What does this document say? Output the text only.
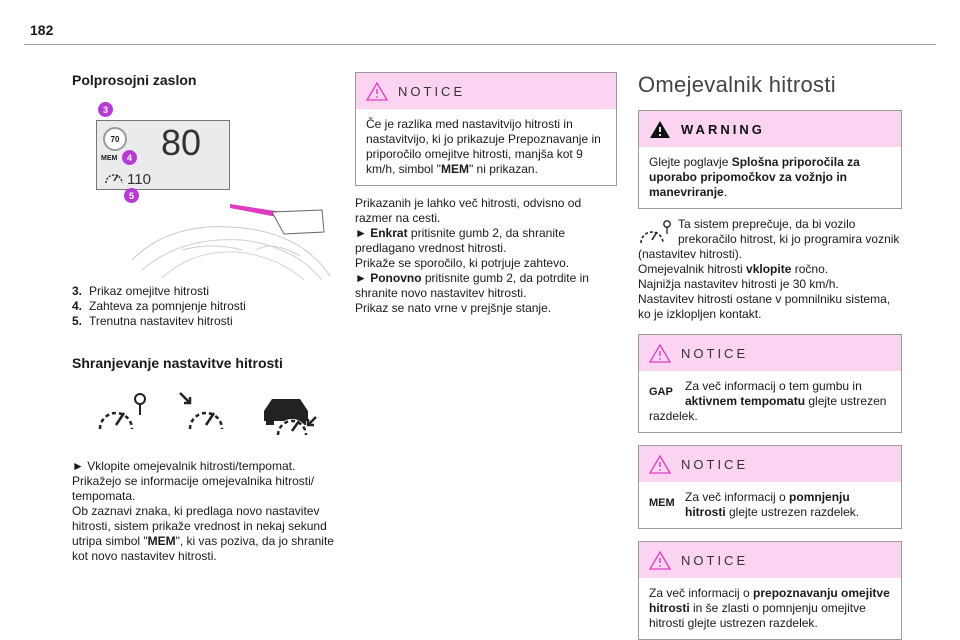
182
Polprosojni zaslon
70
MEM 80
110
3
4
5
3. Prikaz omejitve hitrosti
4. Zahteva za pomnjenje hitrosti
5. Trenutna nastavitev hitrosti
Shranjevanje nastavitve hitrosti

► Vklopite omejevalnik hitrosti/tempomat.

Prikažejo se informacije omejevalnika hitrosti/ tempomata.

Ob zaznavi znaka, ki predlaga novo nastavitev hitrosti, sistem prikaže vrednost in nekaj sekund utripa simbol "MEM", ki vas poziva, da jo shranite kot novo nastavitev hitrosti.

NOTICE
Če je razlika med nastavitvijo hitrosti in nastavitvijo, ki jo prikazuje Prepoznavanje in priporočilo omejitve hitrosti, manjša kot 9 km/h, simbol "MEM" ni prikazan.

Prikazanih je lahko več hitrosti, odvisno od razmer na cesti.

► Enkrat pritisnite gumb 2, da shranite predlagano vrednost hitrosti.

Prikaže se sporočilo, ki potrjuje zahtevo.

► Ponovno pritisnite gumb 2, da potrdite in shranite novo nastavitev hitrosti.

Prikaz se nato vrne v prejšnje stanje.

Omejevalnik hitrosti
WARNING
Glejte poglavje Splošna priporočila za uporabo pripomočkov za vožnjo in manevriranje.
Ta sistem preprečuje, da bi vozilo prekoračilo hitrost, ki jo programira voznik (nastavitev hitrosti).

Omejevalnik hitrosti vklopite ročno.

Najnižja nastavitev hitrosti je 30 km/h.

Nastavitev hitrosti ostane v pomnilniku sistema, ko je izklopljen kontakt.

NOTICE
GAP	Za več informacij o tem gumbu in aktivnem tempomatu glejte ustrezen razdelek.
NOTICE
MEM Za več informacij o pomnjenju hitrosti glejte ustrezen razdelek.
NOTICE
Za več informacij o prepoznavanju omejitve hitrosti in še zlasti o pomnjenju omejitve hitrosti glejte ustrezen razdelek.
